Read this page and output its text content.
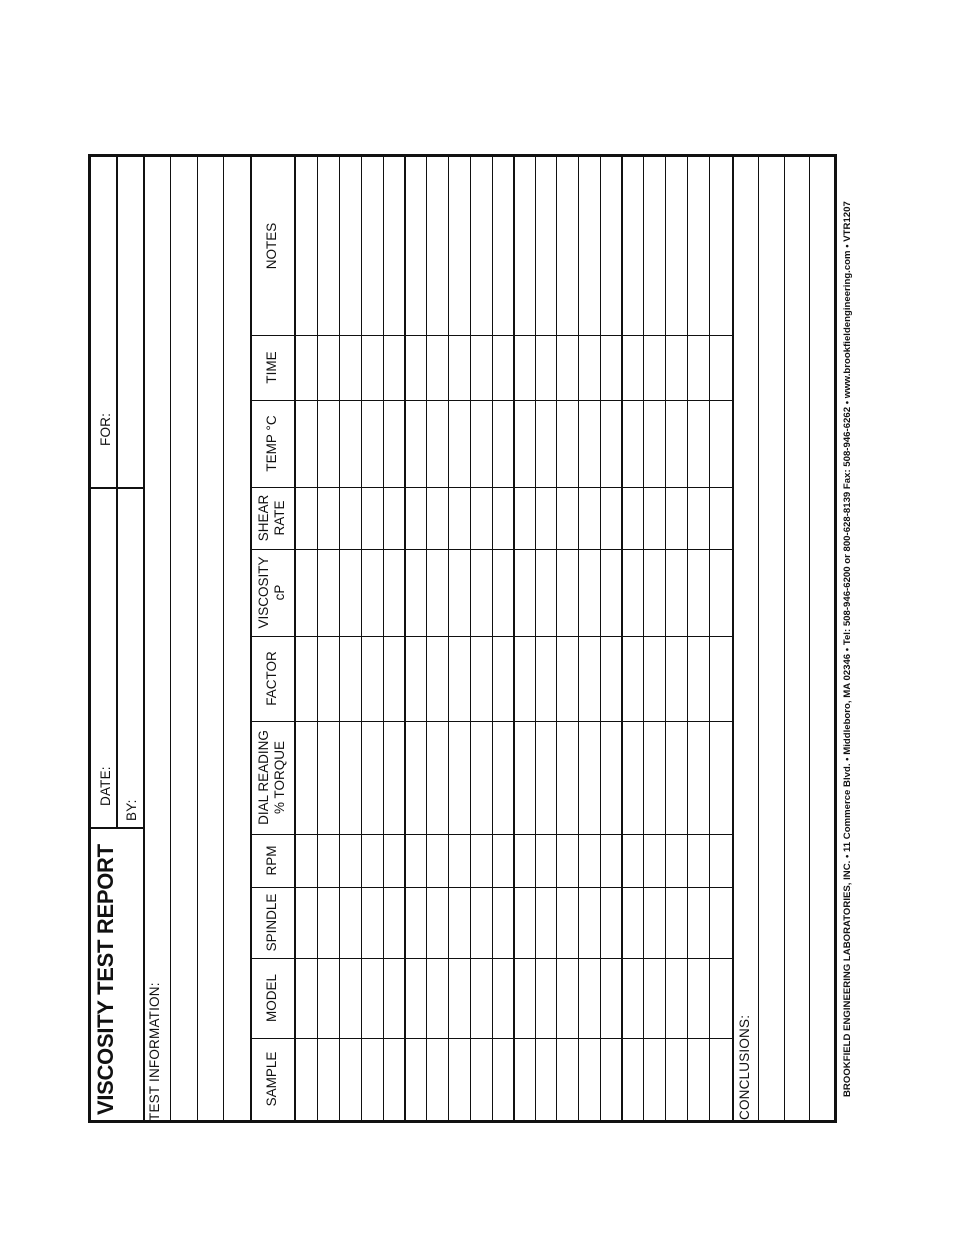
VISCOSITY TEST REPORT
DATE:
BY:
FOR:
TEST INFORMATION:	SAMPLE
MODEL
SPINDLE
RPM
DIAL READING % TORQUE
FACTOR
VISCOSITY cP
SHEAR RATE
TEMP °C
TIME
NOTES
CONCLUSIONS:	BROOKFIELD ENGINEERING LABORATORIES, INC. • 11 Commerce Blvd. • Middleboro, MA 02346 • Tel: 508-946-6200 or 800-628-8139 Fax: 508-946-6262 • www.brookfieldengineering.com • VTR1207
